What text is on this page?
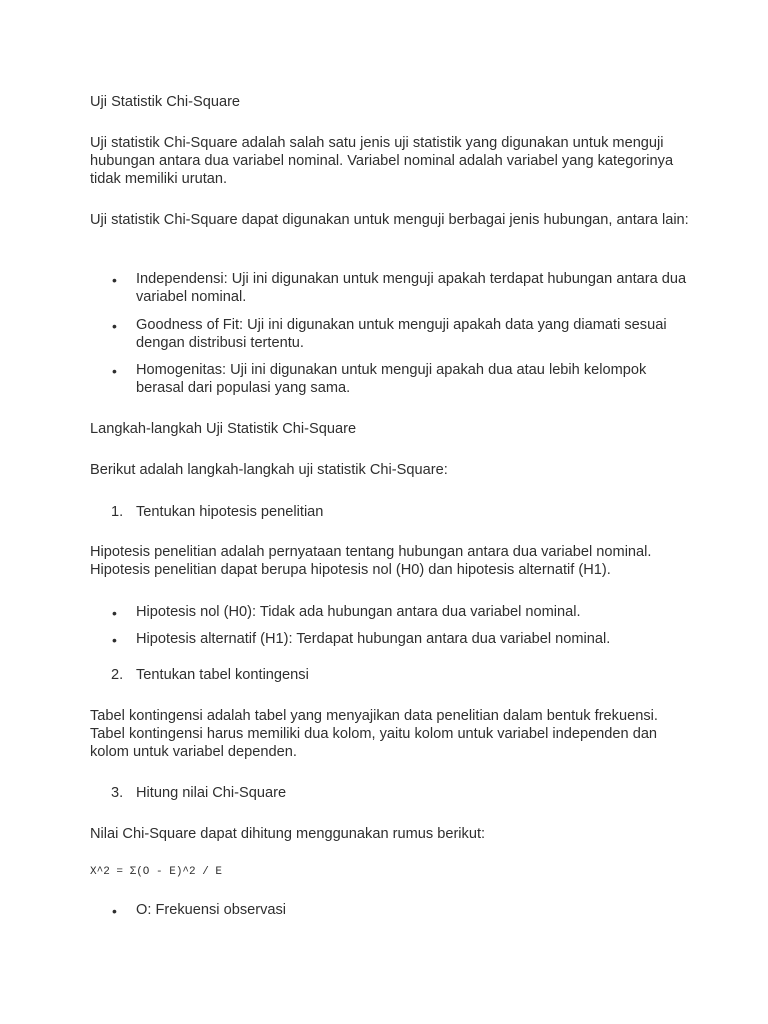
Uji Statistik Chi-Square

Uji statistik Chi-Square adalah salah satu jenis uji statistik yang digunakan untuk menguji hubungan antara dua variabel nominal. Variabel nominal adalah variabel yang kategorinya tidak memiliki urutan.

Uji statistik Chi-Square dapat digunakan untuk menguji berbagai jenis hubungan, antara lain:

• Independensi: Uji ini digunakan untuk menguji apakah terdapat hubungan antara dua variabel nominal.

• Goodness of Fit: Uji ini digunakan untuk menguji apakah data yang diamati sesuai dengan distribusi tertentu.

• Homogenitas: Uji ini digunakan untuk menguji apakah dua atau lebih kelompok berasal dari populasi yang sama.

Langkah-langkah Uji Statistik Chi-Square

Berikut adalah langkah-langkah uji statistik Chi-Square:

1. Tentukan hipotesis penelitian

Hipotesis penelitian adalah pernyataan tentang hubungan antara dua variabel nominal. Hipotesis penelitian dapat berupa hipotesis nol (H0) dan hipotesis alternatif (H1).

• Hipotesis nol (H0): Tidak ada hubungan antara dua variabel nominal.

• Hipotesis alternatif (H1): Terdapat hubungan antara dua variabel nominal.

2. Tentukan tabel kontingensi

Tabel kontingensi adalah tabel yang menyajikan data penelitian dalam bentuk frekuensi. Tabel kontingensi harus memiliki dua kolom, yaitu kolom untuk variabel independen dan kolom untuk variabel dependen.

3. Hitung nilai Chi-Square

Nilai Chi-Square dapat dihitung menggunakan rumus berikut:

X^2 = Σ(O - E)^2 / E
• O: Frekuensi observasi
